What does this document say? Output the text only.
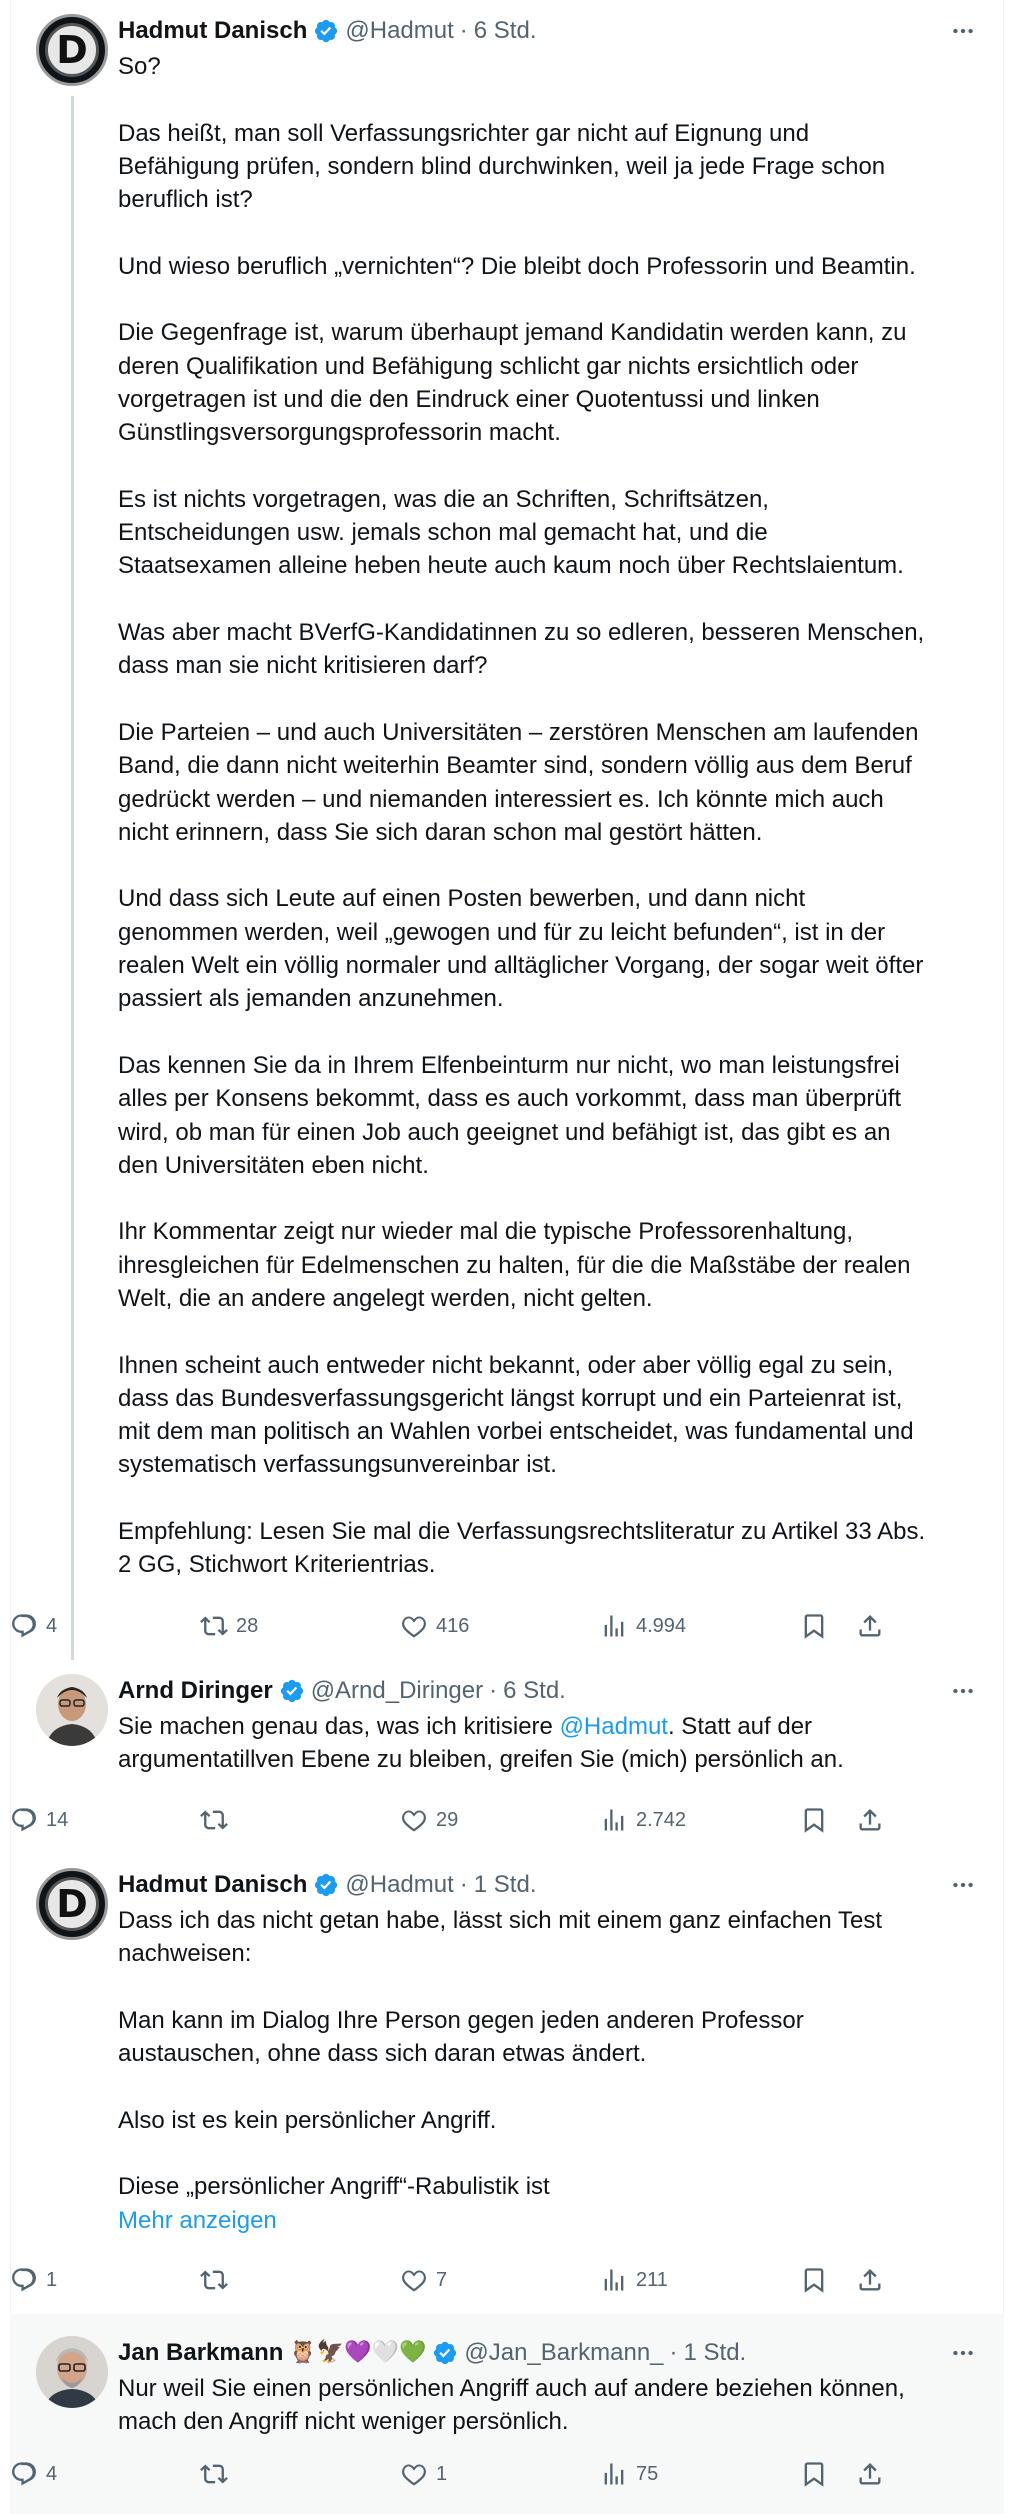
D Hadmut Danisch @Hadmut · 6 Std.

So?

Das heißt, man soll Verfassungsrichter gar nicht auf Eignung und

Befähigung prüfen, sondern blind durchwinken, weil ja jede Frage schon

beruflich ist?

Und wieso beruflich „vernichten“? Die bleibt doch Professorin und Beamtin.

Die Gegenfrage ist, warum überhaupt jemand Kandidatin werden kann, zu

deren Qualifikation und Befähigung schlicht gar nichts ersichtlich oder

vorgetragen ist und die den Eindruck einer Quotentussi und linken

Günstlingsversorgungsprofessorin macht.

Es ist nichts vorgetragen, was die an Schriften, Schriftsätzen,

Entscheidungen usw. jemals schon mal gemacht hat, und die

Staatsexamen alleine heben heute auch kaum noch über Rechtslaientum.

Was aber macht BVerfG-Kandidatinnen zu so edleren, besseren Menschen,

dass man sie nicht kritisieren darf?

Die Parteien – und auch Universitäten – zerstören Menschen am laufenden

Band, die dann nicht weiterhin Beamter sind, sondern völlig aus dem Beruf

gedrückt werden – und niemanden interessiert es. Ich könnte mich auch

nicht erinnern, dass Sie sich daran schon mal gestört hätten.

Und dass sich Leute auf einen Posten bewerben, und dann nicht

genommen werden, weil „gewogen und für zu leicht befunden“, ist in der

realen Welt ein völlig normaler und alltäglicher Vorgang, der sogar weit öfter

passiert als jemanden anzunehmen.

Das kennen Sie da in Ihrem Elfenbeinturm nur nicht, wo man leistungsfrei

alles per Konsens bekommt, dass es auch vorkommt, dass man überprüft

wird, ob man für einen Job auch geeignet und befähigt ist, das gibt es an

den Universitäten eben nicht.

Ihr Kommentar zeigt nur wieder mal die typische Professorenhaltung,

ihresgleichen für Edelmenschen zu halten, für die die Maßstäbe der realen

Welt, die an andere angelegt werden, nicht gelten.

Ihnen scheint auch entweder nicht bekannt, oder aber völlig egal zu sein,

dass das Bundesverfassungsgericht längst korrupt und ein Parteienrat ist,

mit dem man politisch an Wahlen vorbei entscheidet, was fundamental und

systematisch verfassungsunvereinbar ist.

Empfehlung: Lesen Sie mal die Verfassungsrechtsliteratur zu Artikel 33 Abs.

2 GG, Stichwort Kriterientrias.

4	28	416	4.994
Arnd Diringer @Arnd_Diringer · 6 Std.

Sie machen genau das, was ich kritisiere @Hadmut. Statt auf der

argumentatillven Ebene zu bleiben, greifen Sie (mich) persönlich an.

14	29	2.742
D Hadmut Danisch @Hadmut · 1 Std.

Dass ich das nicht getan habe, lässt sich mit einem ganz einfachen Test

nachweisen:

Man kann im Dialog Ihre Person gegen jeden anderen Professor

austauschen, ohne dass sich daran etwas ändert.

Also ist es kein persönlicher Angriff.

Diese „persönlicher Angriff“-Rabulistik ist

Mehr anzeigen
1	7	211
Jan Barkmann 🦉🦅💜🤍💚 @Jan_Barkmann_ · 1 Std.

Nur weil Sie einen persönlichen Angriff auch auf andere beziehen können,

mach den Angriff nicht weniger persönlich.

4	1	75
